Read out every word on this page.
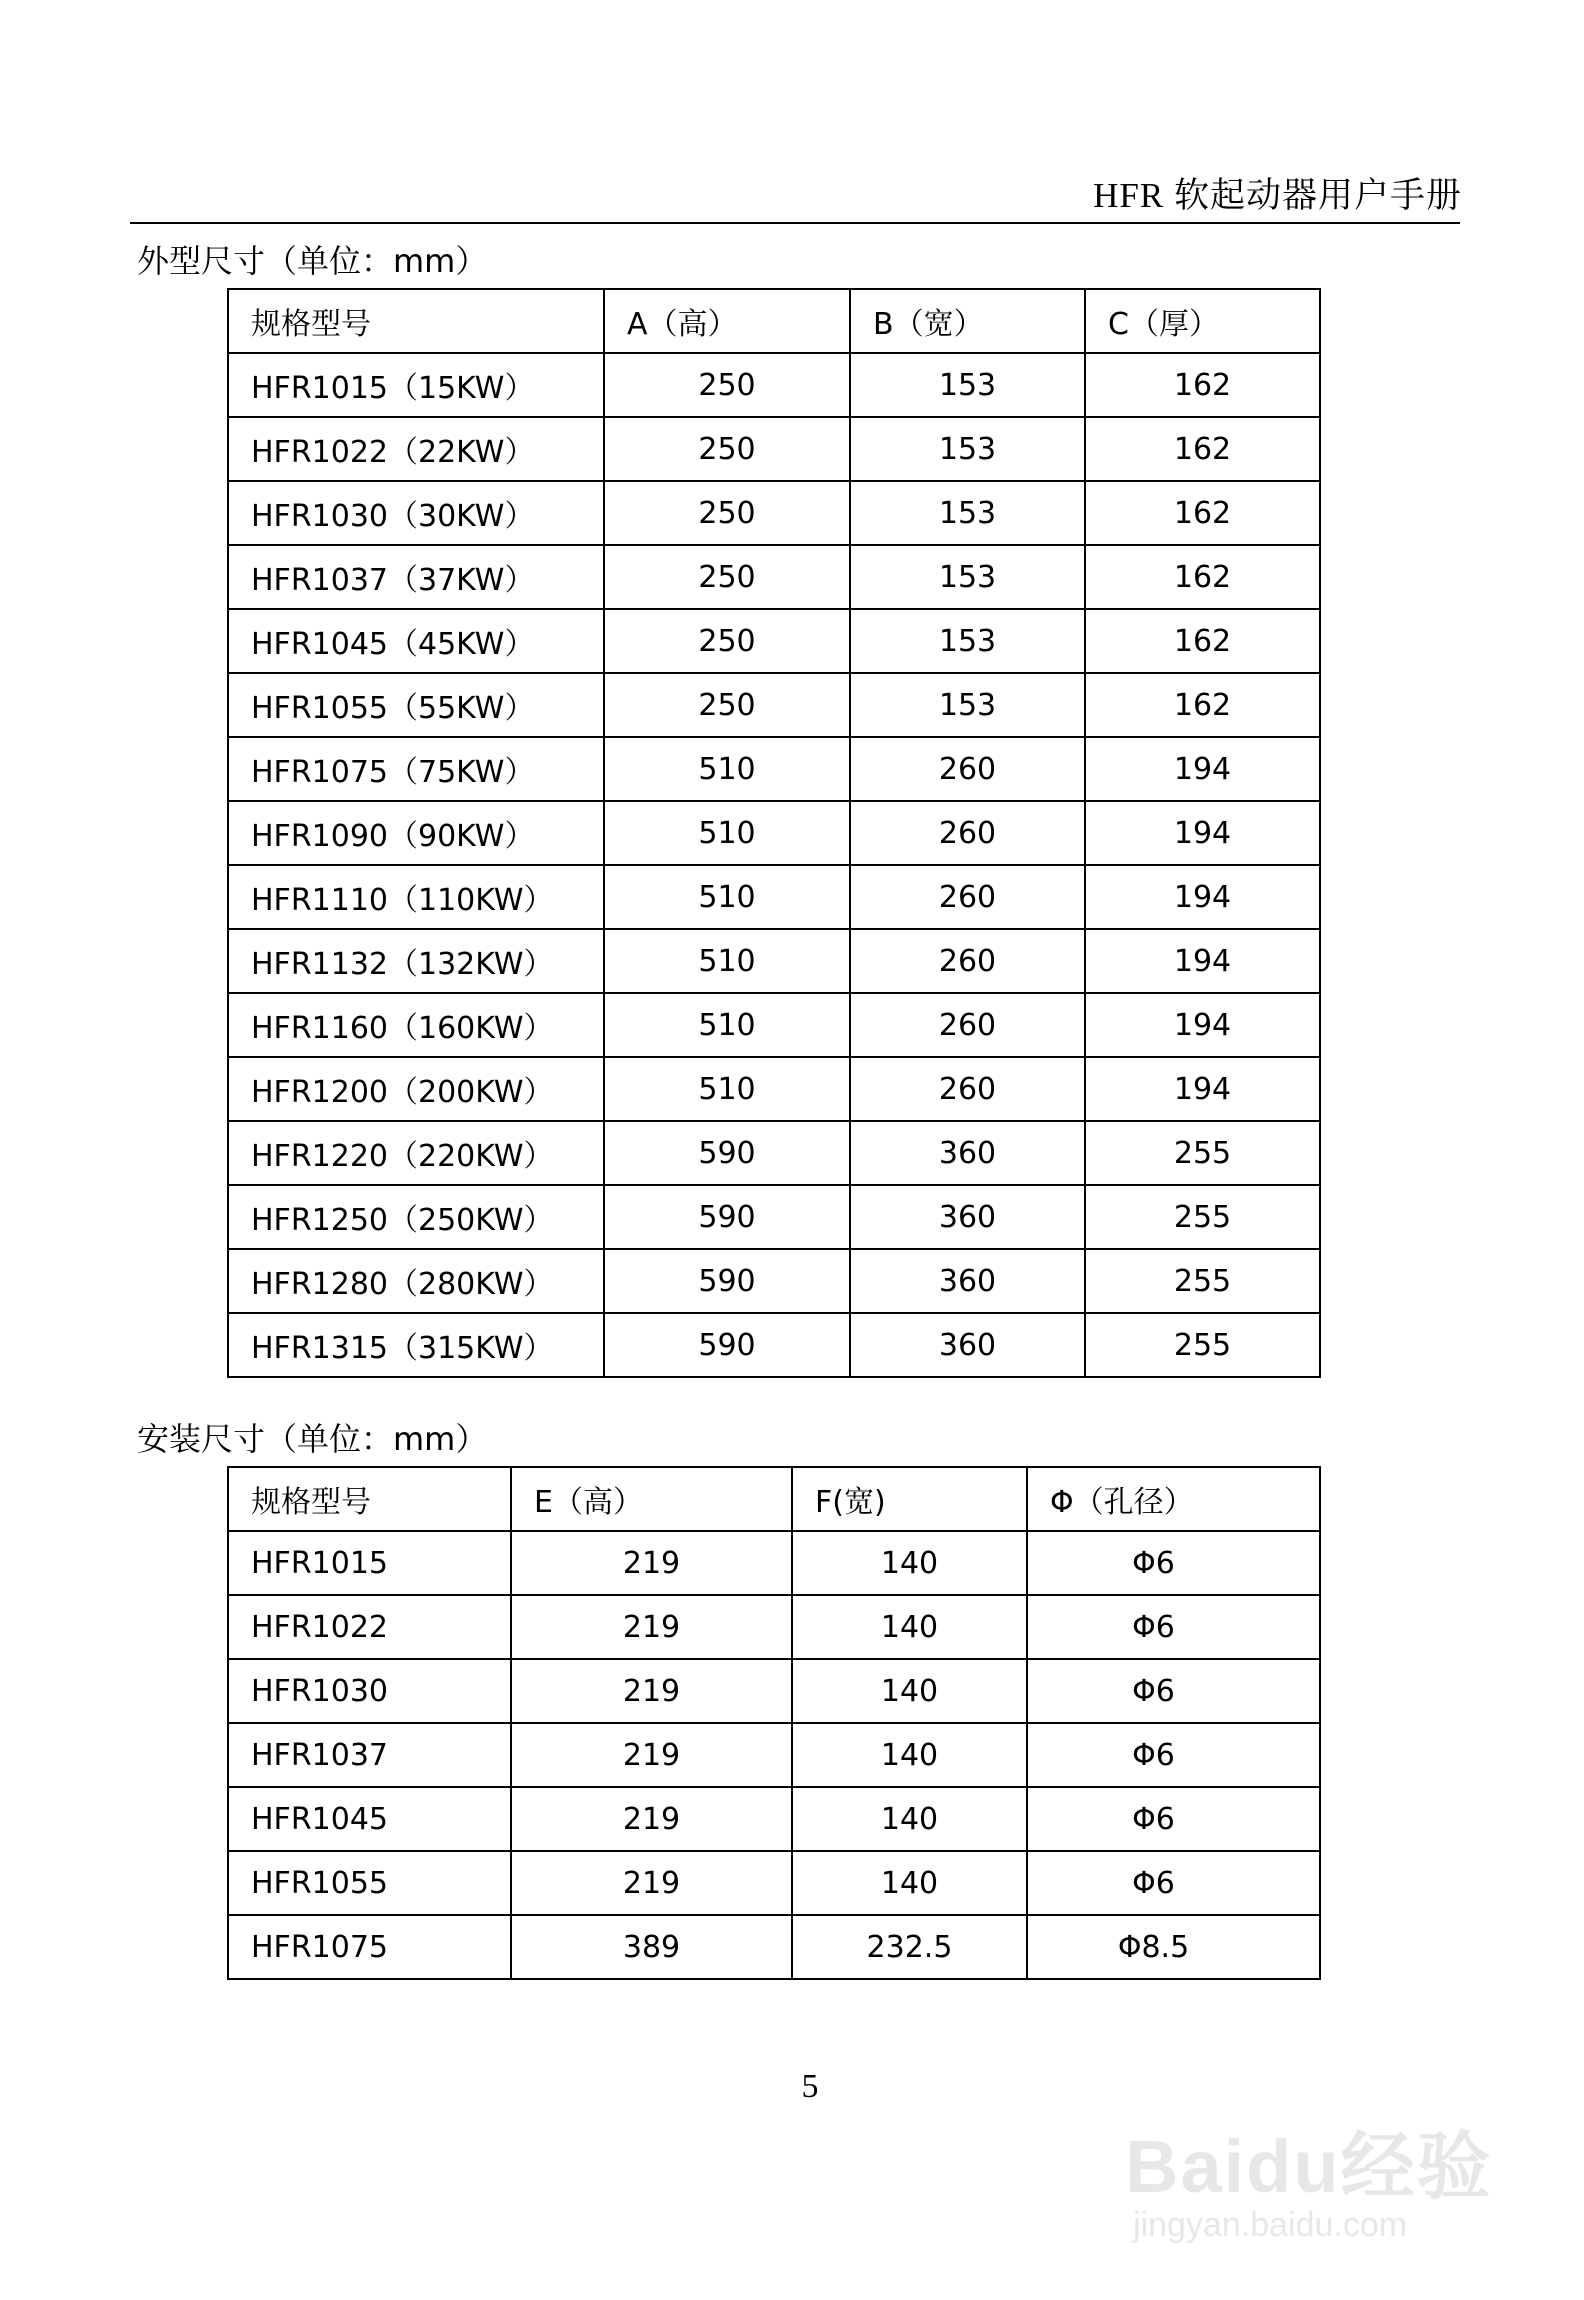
HFR 软起动器用户手册
外型尺寸（单位：mm）
规格型号	A（高）	B（宽）	C（厚）
HFR1015（15KW）	250	153	162
HFR1022（22KW）	250	153	162
HFR1030（30KW）	250	153	162
HFR1037（37KW）	250	153	162
HFR1045（45KW）	250	153	162
HFR1055（55KW）	250	153	162
HFR1075（75KW）	510	260	194
HFR1090（90KW）	510	260	194
HFR1110（110KW）	510	260	194
HFR1132（132KW）	510	260	194
HFR1160（160KW）	510	260	194
HFR1200（200KW）	510	260	194
HFR1220（220KW）	590	360	255
HFR1250（250KW）	590	360	255
HFR1280（280KW）	590	360	255
HFR1315（315KW）	590	360	255
安装尺寸（单位：mm）
规格型号	E（高）	F(宽)	Φ（孔径）
HFR1015	219	140	Φ6
HFR1022	219	140	Φ6
HFR1030	219	140	Φ6
HFR1037	219	140	Φ6
HFR1045	219	140	Φ6
HFR1055	219	140	Φ6
HFR1075	389	232.5	Φ8.5
5
Baidu经验
jingyan.baidu.com
